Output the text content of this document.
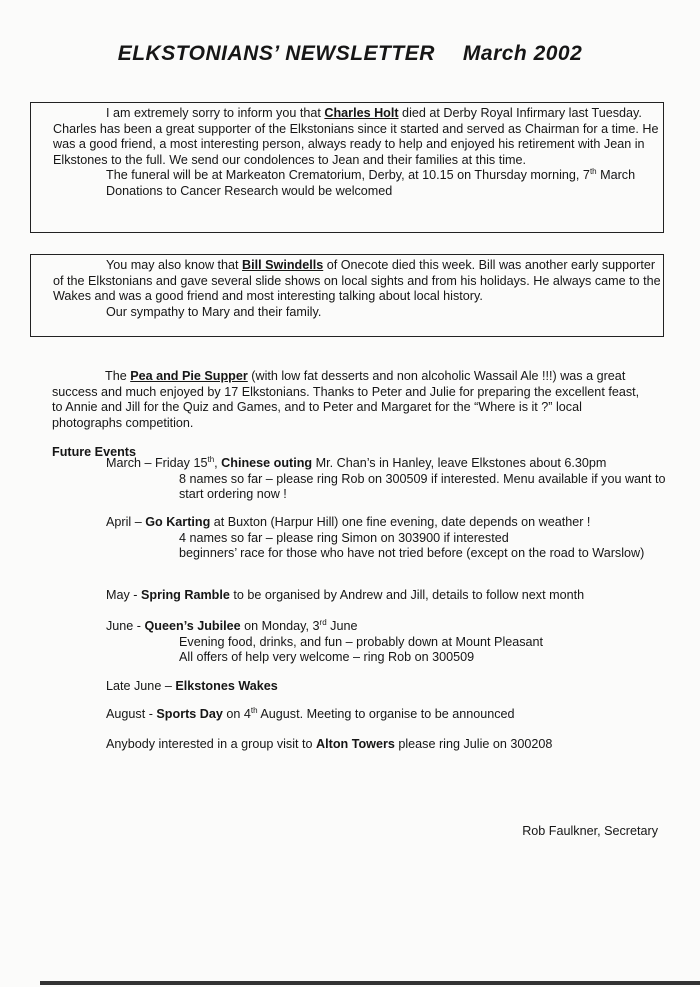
ELKSTONIANS’ NEWSLETTER March 2002

I am extremely sorry to inform you that Charles Holt died at Derby Royal Infirmary last Tuesday. Charles has been a great supporter of the Elkstonians since it started and served as Chairman for a time. He was a good friend, a most interesting person, always ready to help and enjoyed his retirement with Jean in Elkstones to the full. We send our condolences to Jean and their families at this time.

The funeral will be at Markeaton Crematorium, Derby, at 10.15 on Thursday morning, 7th March

Donations to Cancer Research would be welcomed

You may also know that Bill Swindells of Onecote died this week. Bill was another early supporter of the Elkstonians and gave several slide shows on local sights and from his holidays. He always came to the Wakes and was a good friend and most interesting talking about local history.

Our sympathy to Mary and their family.

The Pea and Pie Supper (with low fat desserts and non alcoholic Wassail Ale !!!) was a great success and much enjoyed by 17 Elkstonians. Thanks to Peter and Julie for preparing the excellent feast, to Annie and Jill for the Quiz and Games, and to Peter and Margaret for the “Where is it ?” local photographs competition.

Future Events

March – Friday 15th, Chinese outing Mr. Chan’s in Hanley, leave Elkstones about 6.30pm

8 names so far – please ring Rob on 300509 if interested. Menu available if you want to start ordering now !

April – Go Karting at Buxton (Harpur Hill) one fine evening, date depends on weather !

4 names so far – please ring Simon on 303900 if interested

beginners’ race for those who have not tried before (except on the road to Warslow)

May - Spring Ramble to be organised by Andrew and Jill, details to follow next month

June - Queen’s Jubilee on Monday, 3rd June

Evening food, drinks, and fun – probably down at Mount Pleasant

All offers of help very welcome – ring Rob on 300509

Late June – Elkstones Wakes

August - Sports Day on 4th August. Meeting to organise to be announced

Anybody interested in a group visit to Alton Towers please ring Julie on 300208

Rob Faulkner, Secretary
